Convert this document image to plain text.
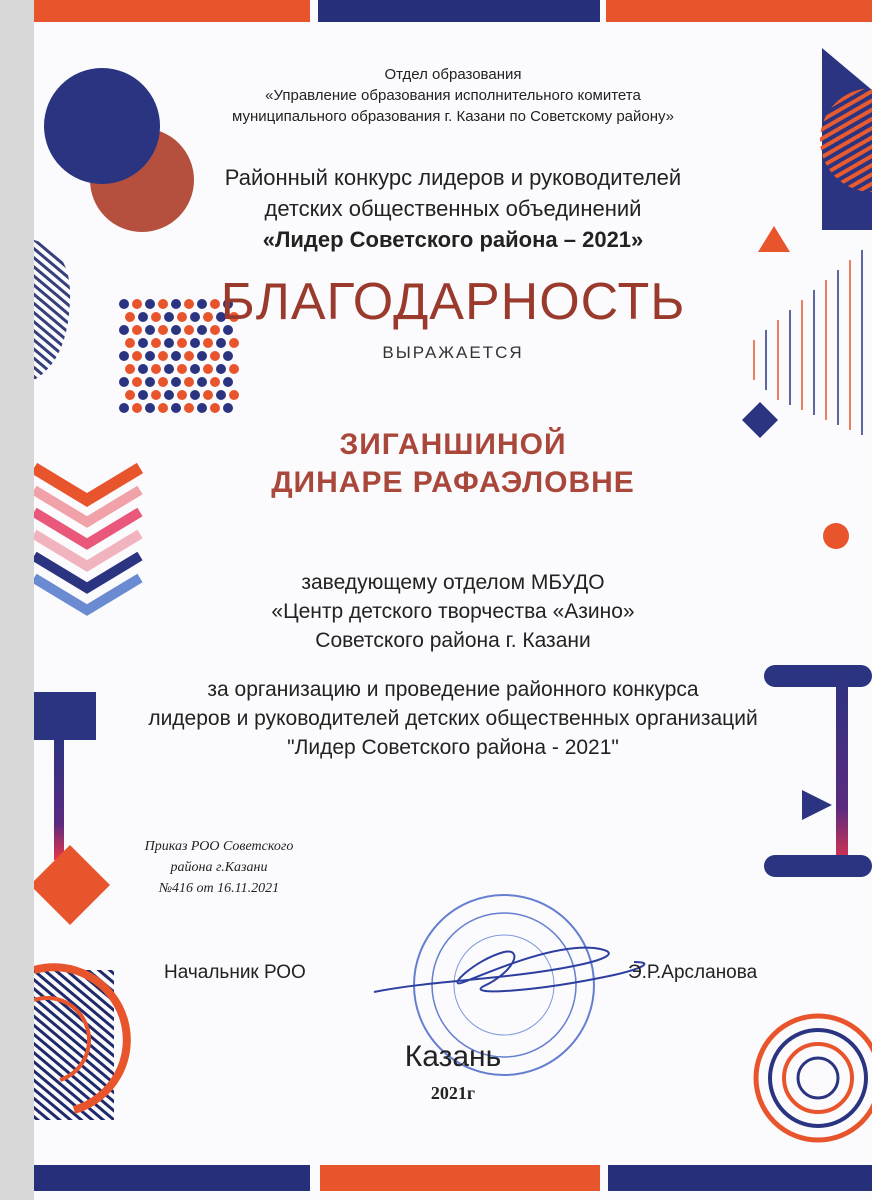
Отдел образования
«Управление образования исполнительного комитета
муниципального образования г. Казани по Советскому району»
Районный конкурс лидеров и руководителей
детских общественных объединений
«Лидер Советского района – 2021»
БЛАГОДАРНОСТЬ
ВЫРАЖАЕТСЯ
ЗИГАНШИНОЙ
ДИНАРЕ РАФАЭЛОВНЕ
заведующему отделом МБУДО
«Центр детского творчества «Азино»
Советского района г. Казани
за организацию и проведение районного конкурса
лидеров и руководителей детских общественных организаций
"Лидер Советского района - 2021"
Приказ РОО Советского
района г.Казани
№416 от 16.11.2021
Начальник РОО	Э.Р.Арсланова
Казань
2021г
